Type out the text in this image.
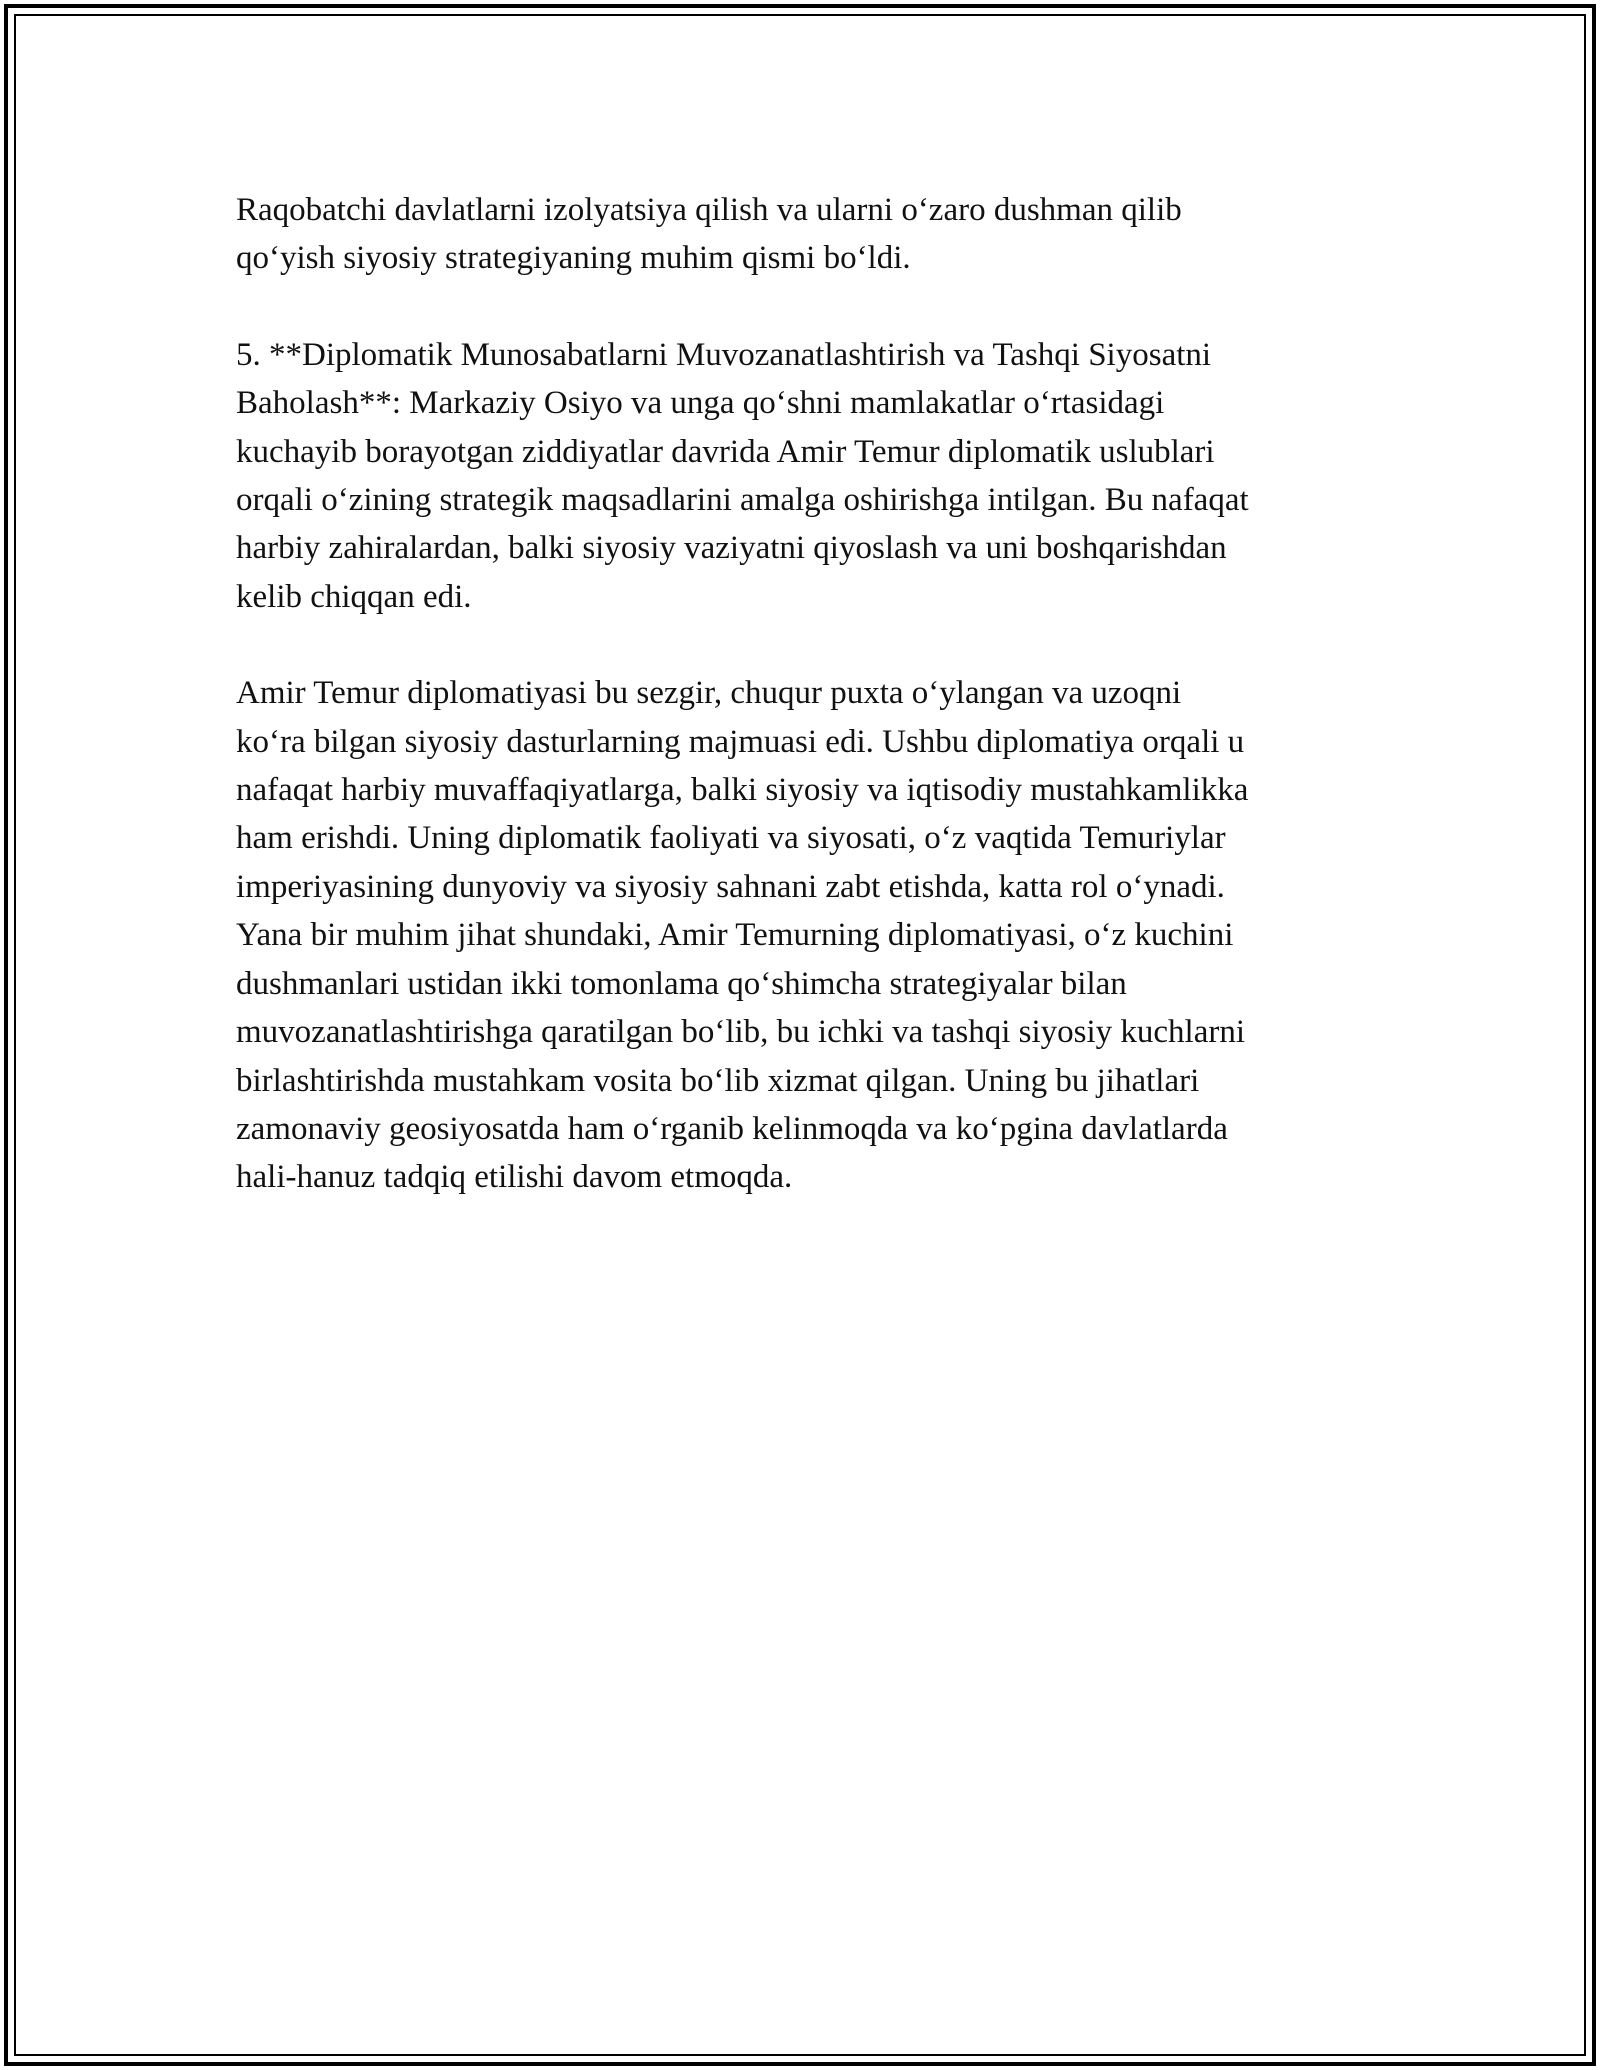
Raqobatchi davlatlarni izolyatsiya qilish va ularni o‘zaro dushman qilib
qo‘yish siyosiy strategiyaning muhim qismi bo‘ldi.

5. **Diplomatik Munosabatlarni Muvozanatlashtirish va Tashqi Siyosatni
Baholash**: Markaziy Osiyo va unga qo‘shni mamlakatlar o‘rtasidagi
kuchayib borayotgan ziddiyatlar davrida Amir Temur diplomatik uslublari
orqali o‘zining strategik maqsadlarini amalga oshirishga intilgan. Bu nafaqat
harbiy zahiralardan, balki siyosiy vaziyatni qiyoslash va uni boshqarishdan
kelib chiqqan edi.

Amir Temur diplomatiyasi bu sezgir, chuqur puxta o‘ylangan va uzoqni
ko‘ra bilgan siyosiy dasturlarning majmuasi edi. Ushbu diplomatiya orqali u
nafaqat harbiy muvaffaqiyatlarga, balki siyosiy va iqtisodiy mustahkamlikka
ham erishdi. Uning diplomatik faoliyati va siyosati, o‘z vaqtida Temuriylar
imperiyasining dunyoviy va siyosiy sahnani zabt etishda, katta rol o‘ynadi.
Yana bir muhim jihat shundaki, Amir Temurning diplomatiyasi, o‘z kuchini
dushmanlari ustidan ikki tomonlama qo‘shimcha strategiyalar bilan
muvozanatlashtirishga qaratilgan bo‘lib, bu ichki va tashqi siyosiy kuchlarni
birlashtirishda mustahkam vosita bo‘lib xizmat qilgan. Uning bu jihatlari
zamonaviy geosiyosatda ham o‘rganib kelinmoqda va ko‘pgina davlatlarda
hali-hanuz tadqiq etilishi davom etmoqda.
